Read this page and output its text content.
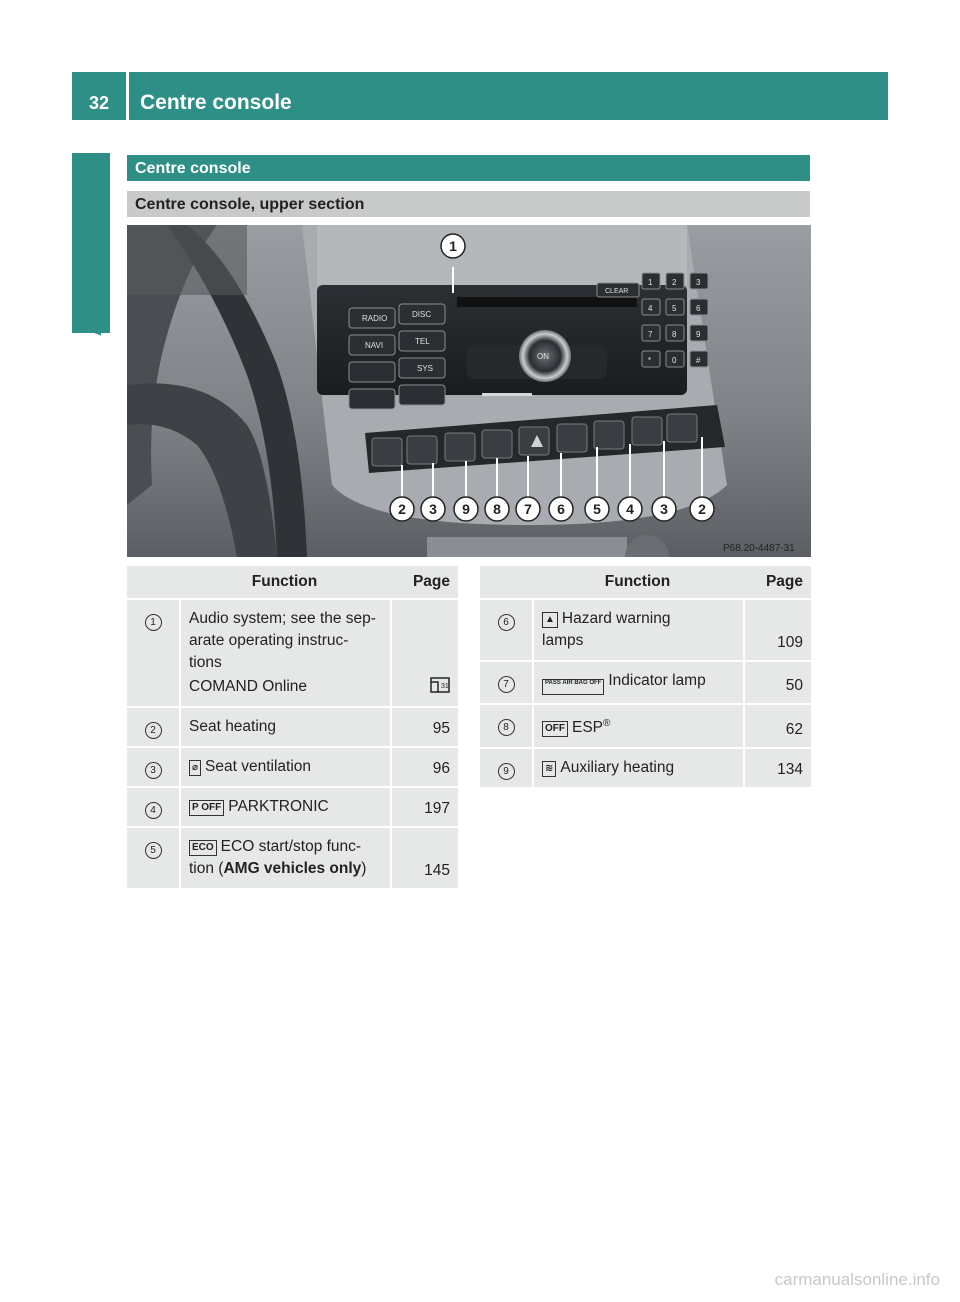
32	Centre console
At a glance
Centre console
Centre console, upper section
RADIO	DISC
NAVI	TEL
SYS
CLEAR
ON
1 2 3
4 5 6
7 8 9
*	0 #
1
2 3 9 8 7 6 5 4 3 2
P68.20-4487-31
	Function	Page
1	Audio system; see the sep-
arate operating instruc-
tions
COMAND Online	31

2	Seat heating	95
3	⌀ Seat ventilation	96
4	P OFF PARKTRONIC	197
5	ECO ECO start/stop func-
tion (AMG vehicles only)	145
	Function	Page
6	▲ Hazard warning
lamps	109
7	PASS AIR BAG OFF Indicator lamp	50
8	OFF ESP®	62
9	≋ Auxiliary heating	134
carmanualsonline.info
